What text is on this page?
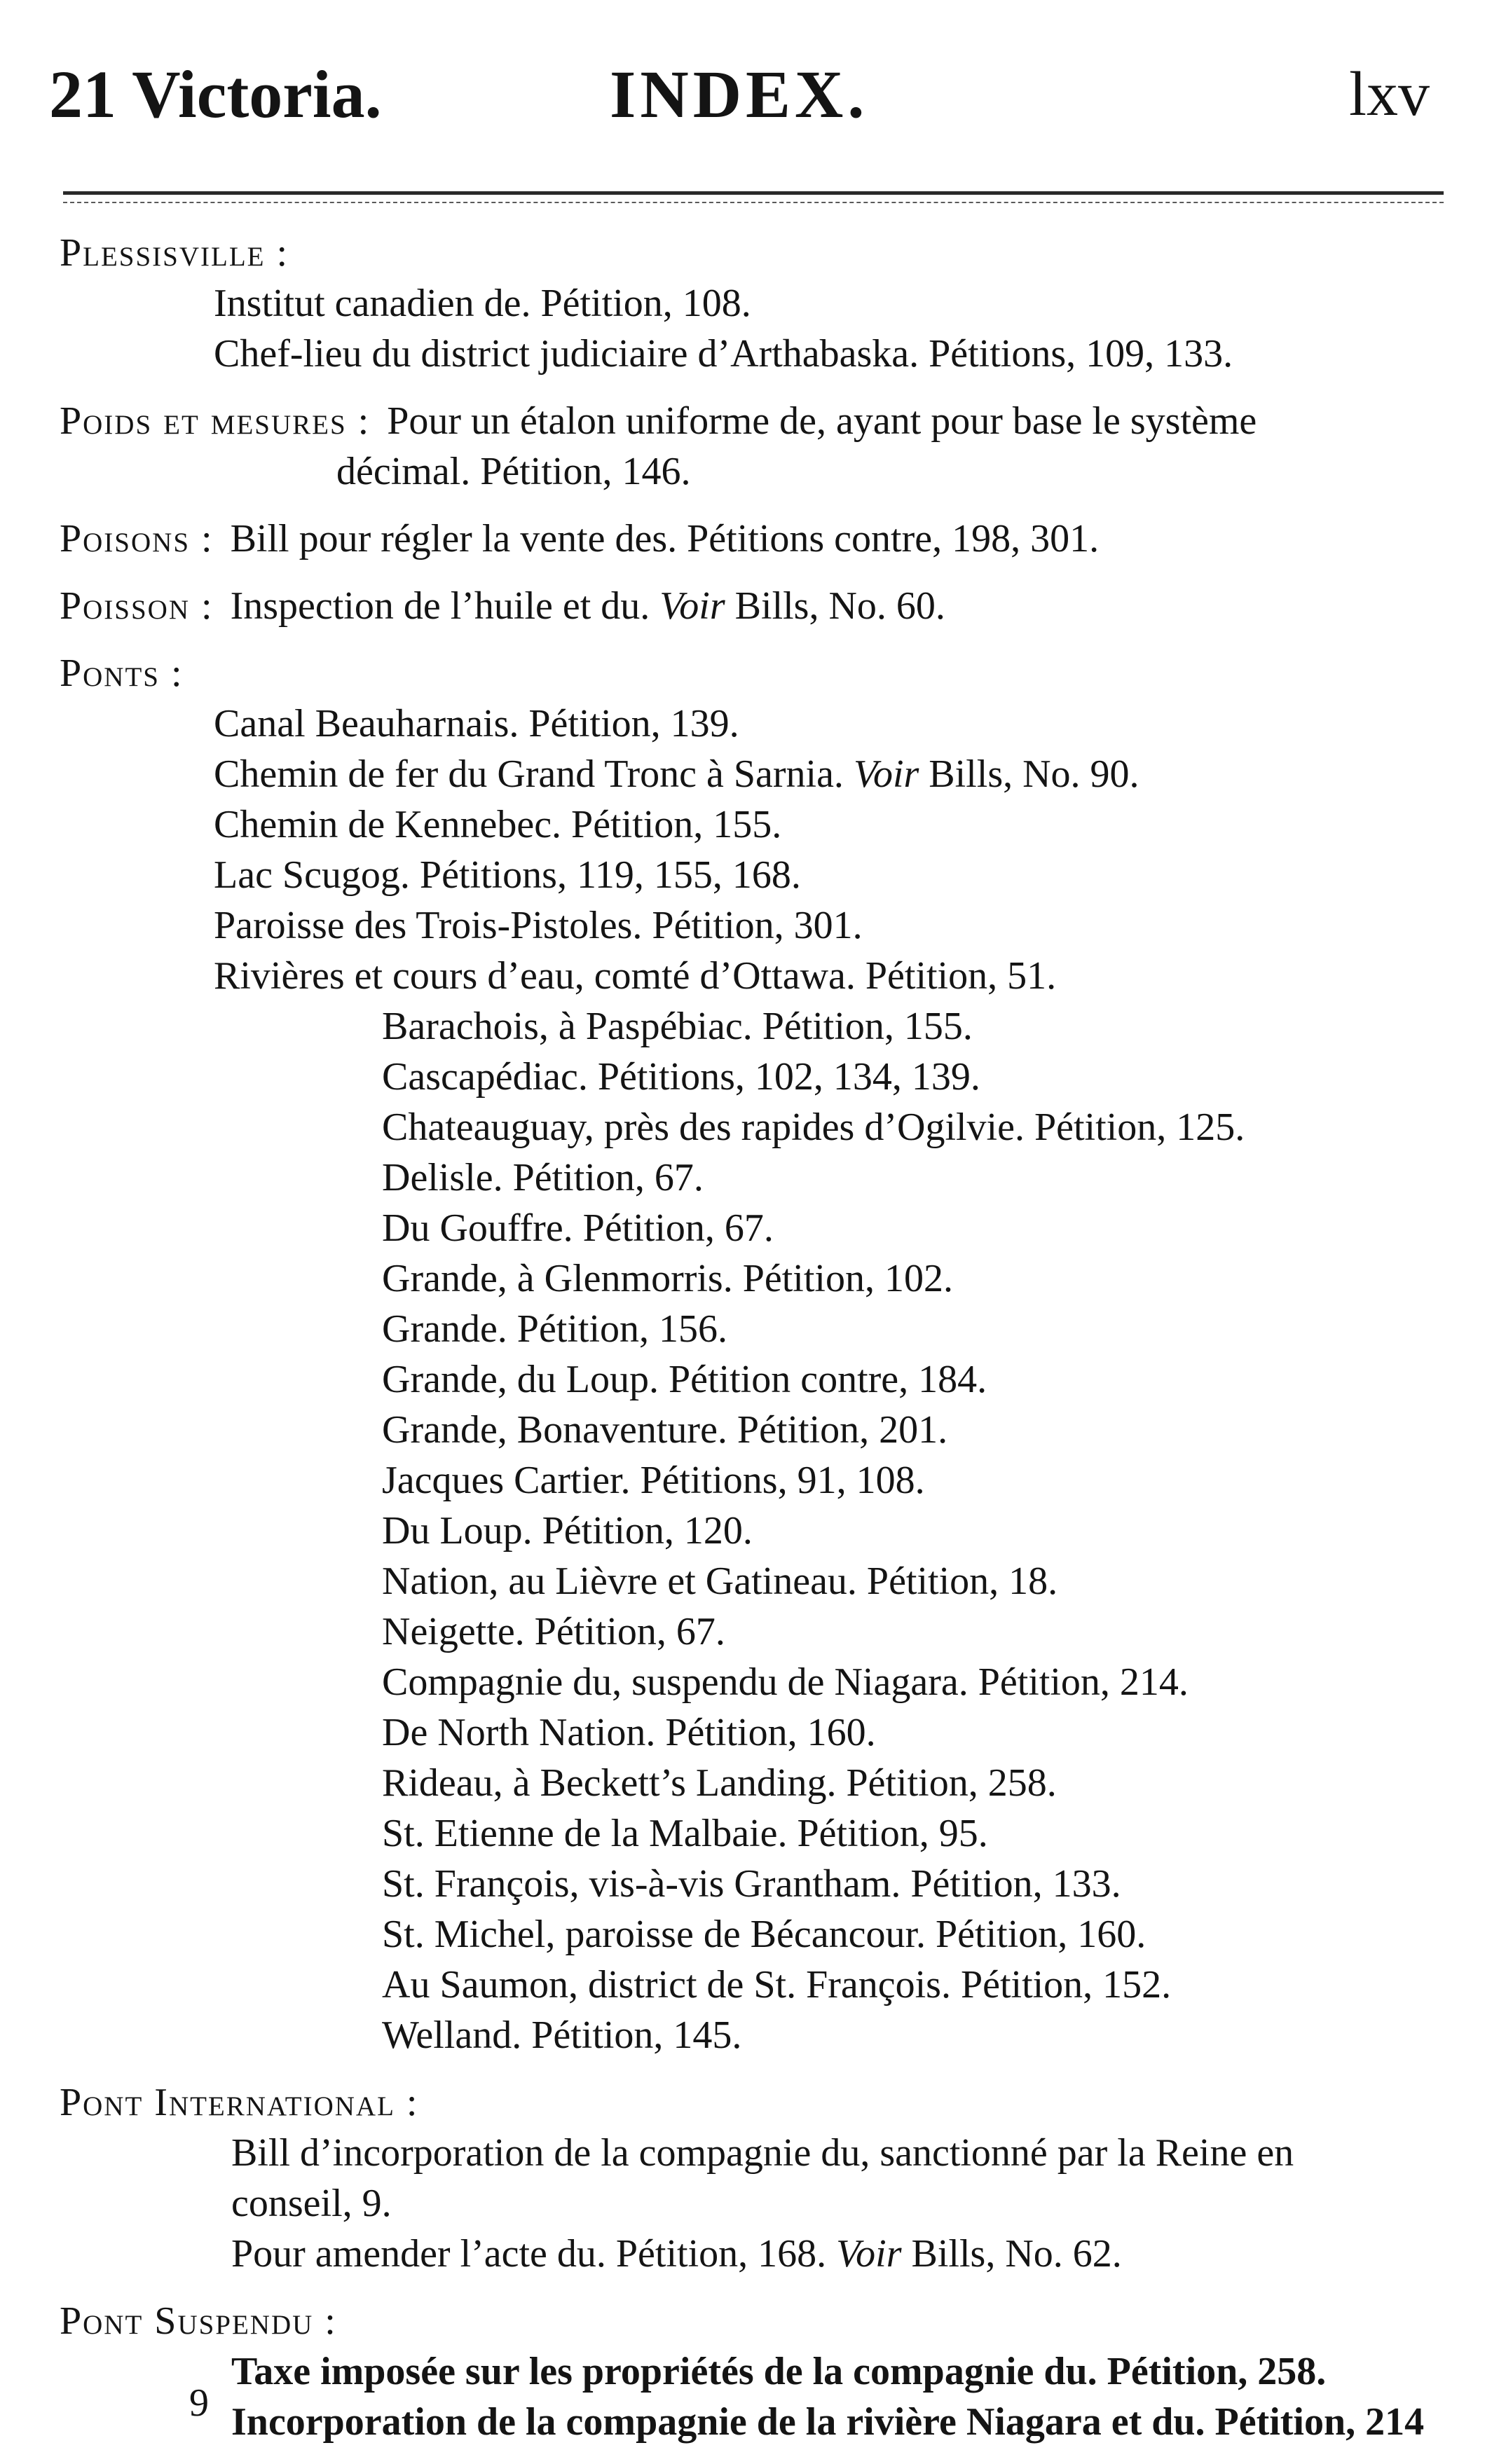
21 Victoria.	INDEX.	lxv
Plessisville :
Institut canadien de. Pétition, 108.
Chef-lieu du district judiciaire d’Arthabaska. Pétitions, 109, 133.
Poids et mesures : Pour un étalon uniforme de, ayant pour base le système
décimal. Pétition, 146.
Poisons : Bill pour régler la vente des. Pétitions contre, 198, 301.
Poisson : Inspection de l’huile et du. Voir Bills, No. 60.
Ponts :
Canal Beauharnais. Pétition, 139.
Chemin de fer du Grand Tronc à Sarnia. Voir Bills, No. 90.
Chemin de Kennebec. Pétition, 155.
Lac Scugog. Pétitions, 119, 155, 168.
Paroisse des Trois-Pistoles. Pétition, 301.
Rivières et cours d’eau, comté d’Ottawa. Pétition, 51.
Barachois, à Paspébiac. Pétition, 155.
Cascapédiac. Pétitions, 102, 134, 139.
Chateauguay, près des rapides d’Ogilvie. Pétition, 125.
Delisle. Pétition, 67.
Du Gouffre. Pétition, 67.
Grande, à Glenmorris. Pétition, 102.
Grande. Pétition, 156.
Grande, du Loup. Pétition contre, 184.
Grande, Bonaventure. Pétition, 201.
Jacques Cartier. Pétitions, 91, 108.
Du Loup. Pétition, 120.
Nation, au Lièvre et Gatineau. Pétition, 18.
Neigette. Pétition, 67.
Compagnie du, suspendu de Niagara. Pétition, 214.
De North Nation. Pétition, 160.
Rideau, à Beckett’s Landing. Pétition, 258.
St. Etienne de la Malbaie. Pétition, 95.
St. François, vis-à-vis Grantham. Pétition, 133.
St. Michel, paroisse de Bécancour. Pétition, 160.
Au Saumon, district de St. François. Pétition, 152.
Welland. Pétition, 145.
Pont International :
Bill d’incorporation de la compagnie du, sanctionné par la Reine en
conseil, 9.
Pour amender l’acte du. Pétition, 168. Voir Bills, No. 62.
Pont Suspendu :
Taxe imposée sur les propriétés de la compagnie du. Pétition, 258.
Incorporation de la compagnie de la rivière Niagara et du. Pétition, 214
9
